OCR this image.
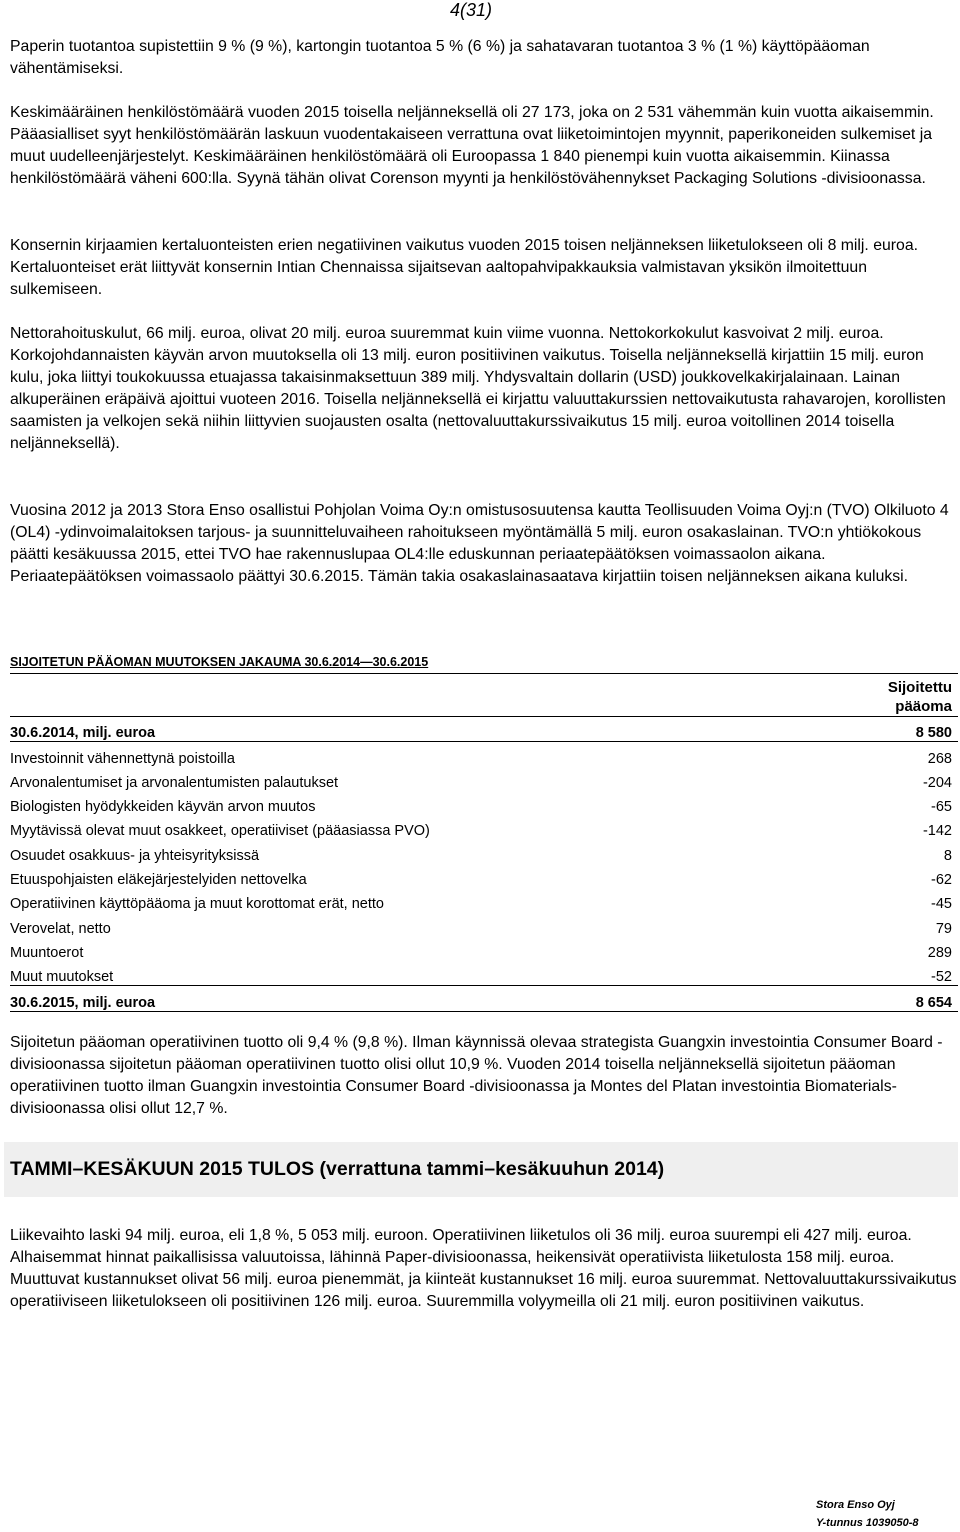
4(31)

Paperin tuotantoa supistettiin 9 % (9 %), kartongin tuotantoa 5 % (6 %) ja sahatavaran tuotantoa 3 % (1 %) käyttöpääoman vähentämiseksi.

Keskimääräinen henkilöstömäärä vuoden 2015 toisella neljänneksellä oli 27 173, joka on 2 531 vähemmän kuin vuotta aikaisemmin. Pääasialliset syyt henkilöstömäärän laskuun vuodentakaiseen verrattuna ovat liiketoimintojen myynnit, paperikoneiden sulkemiset ja muut uudelleenjärjestelyt. Keskimääräinen henkilöstömäärä oli Euroopassa 1 840 pienempi kuin vuotta aikaisemmin. Kiinassa henkilöstömäärä väheni 600:lla. Syynä tähän olivat Corenson myynti ja henkilöstövähennykset Packaging Solutions -divisioonassa.

Konsernin kirjaamien kertaluonteisten erien negatiivinen vaikutus vuoden 2015 toisen neljänneksen liiketulokseen oli 8 milj. euroa. Kertaluonteiset erät liittyvät konsernin Intian Chennaissa sijaitsevan aaltopahvipakkauksia valmistavan yksikön ilmoitettuun sulkemiseen.

Nettorahoituskulut, 66 milj. euroa, olivat 20 milj. euroa suuremmat kuin viime vuonna. Nettokorkokulut kasvoivat 2 milj. euroa. Korkojohdannaisten käyvän arvon muutoksella oli 13 milj. euron positiivinen vaikutus. Toisella neljänneksellä kirjattiin 15 milj. euron kulu, joka liittyi toukokuussa etuajassa takaisinmaksettuun 389 milj. Yhdysvaltain dollarin (USD) joukkovelkakirjalainaan. Lainan alkuperäinen eräpäivä ajoittui vuoteen 2016. Toisella neljänneksellä ei kirjattu valuuttakurssien nettovaikutusta rahavarojen, korollisten saamisten ja velkojen sekä niihin liittyvien suojausten osalta (nettovaluuttakurssivaikutus 15 milj. euroa voitollinen 2014 toisella neljänneksellä).

Vuosina 2012 ja 2013 Stora Enso osallistui Pohjolan Voima Oy:n omistusosuutensa kautta Teollisuuden Voima Oyj:n (TVO) Olkiluoto 4 (OL4) -ydinvoimalaitoksen tarjous- ja suunnitteluvaiheen rahoitukseen myöntämällä 5 milj. euron osakaslainan. TVO:n yhtiökokous päätti kesäkuussa 2015, ettei TVO hae rakennuslupaa OL4:lle eduskunnan periaatepäätöksen voimassaolon aikana. Periaatepäätöksen voimassaolo päättyi 30.6.2015. Tämän takia osakaslainasaatava kirjattiin toisen neljänneksen aikana kuluksi.

SIJOITETUN PÄÄOMAN MUUTOKSEN JAKAUMA 30.6.2014—30.6.2015
	Sijoitettu
pääoma
30.6.2014, milj. euroa	8 580
Investoinnit vähennettynä poistoilla	268
Arvonalentumiset ja arvonalentumisten palautukset	-204
Biologisten hyödykkeiden käyvän arvon muutos	-65
Myytävissä olevat muut osakkeet, operatiiviset (pääasiassa PVO)	-142
Osuudet osakkuus- ja yhteisyrityksissä	8
Etuuspohjaisten eläkejärjestelyiden nettovelka	-62
Operatiivinen käyttöpääoma ja muut korottomat erät, netto	-45
Verovelat, netto	79
Muuntoerot	289
Muut muutokset	-52
30.6.2015, milj. euroa	8 654

Sijoitetun pääoman operatiivinen tuotto oli 9,4 % (9,8 %). Ilman käynnissä olevaa strategista Guangxin investointia Consumer Board -divisioonassa sijoitetun pääoman operatiivinen tuotto olisi ollut 10,9 %. Vuoden 2014 toisella neljänneksellä sijoitetun pääoman operatiivinen tuotto ilman Guangxin investointia Consumer Board -divisioonassa ja Montes del Platan investointia Biomaterials-divisioonassa olisi ollut 12,7 %.

TAMMI–KESÄKUUN 2015 TULOS (verrattuna tammi–kesäkuuhun 2014)

Liikevaihto laski 94 milj. euroa, eli 1,8 %, 5 053 milj. euroon. Operatiivinen liiketulos oli 36 milj. euroa suurempi eli 427 milj. euroa. Alhaisemmat hinnat paikallisissa valuutoissa, lähinnä Paper-divisioonassa, heikensivät operatiivista liiketulosta 158 milj. euroa. Muuttuvat kustannukset olivat 56 milj. euroa pienemmät, ja kiinteät kustannukset 16 milj. euroa suuremmat. Nettovaluuttakurssivaikutus operatiiviseen liiketulokseen oli positiivinen 126 milj. euroa. Suuremmilla volyymeilla oli 21 milj. euron positiivinen vaikutus.

Stora Enso Oyj
Y-tunnus 1039050-8
